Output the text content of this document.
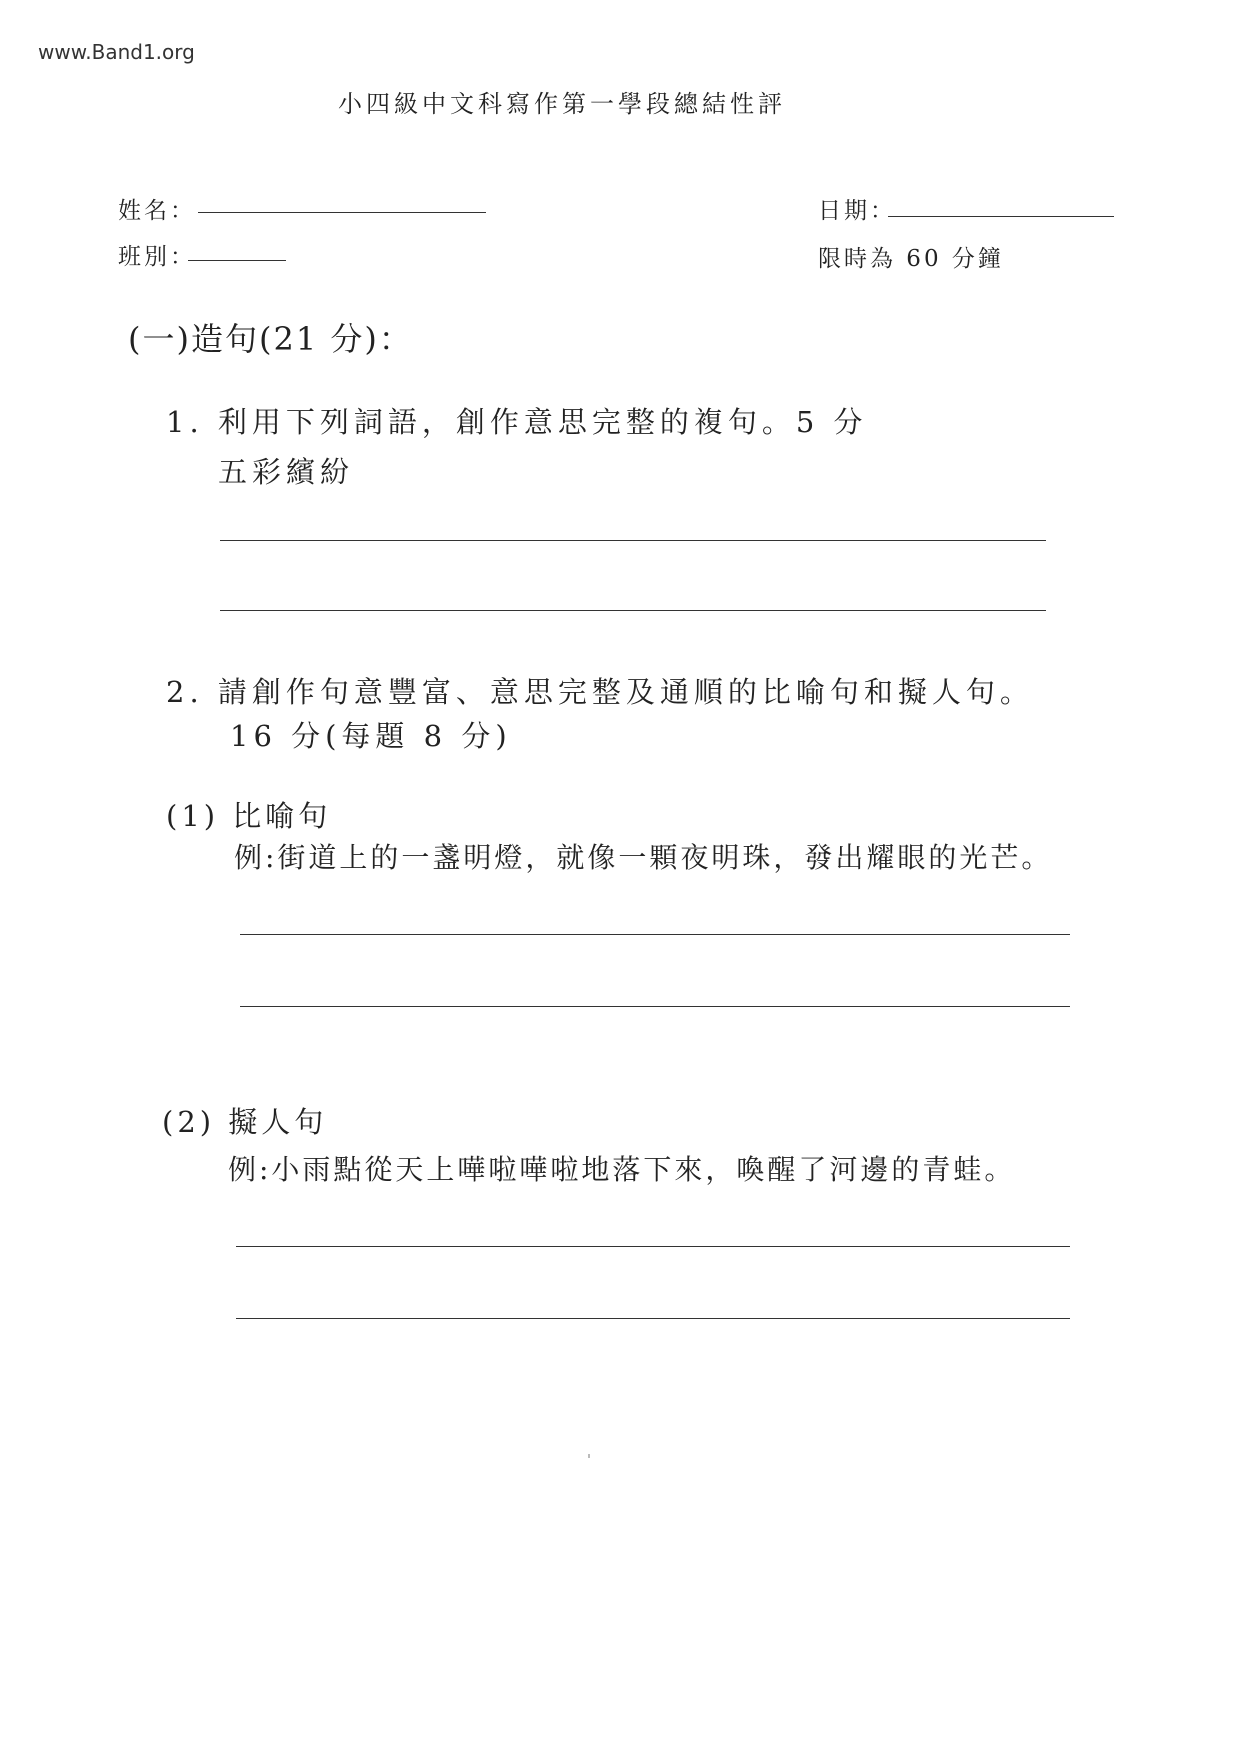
www.Band1.org
小四級中文科寫作第一學段總結性評
姓名：	日期：
班別：	限時為 60 分鐘
(一)造句(21 分)：
1. 利用下列詞語，創作意思完整的複句。5 分
五彩繽紛
2. 請創作句意豐富、意思完整及通順的比喻句和擬人句。
16 分(每題 8 分)
(1) 比喻句
例:街道上的一盞明燈，就像一顆夜明珠，發出耀眼的光芒。
(2) 擬人句
例:小雨點從天上嘩啦嘩啦地落下來，喚醒了河邊的青蛙。
